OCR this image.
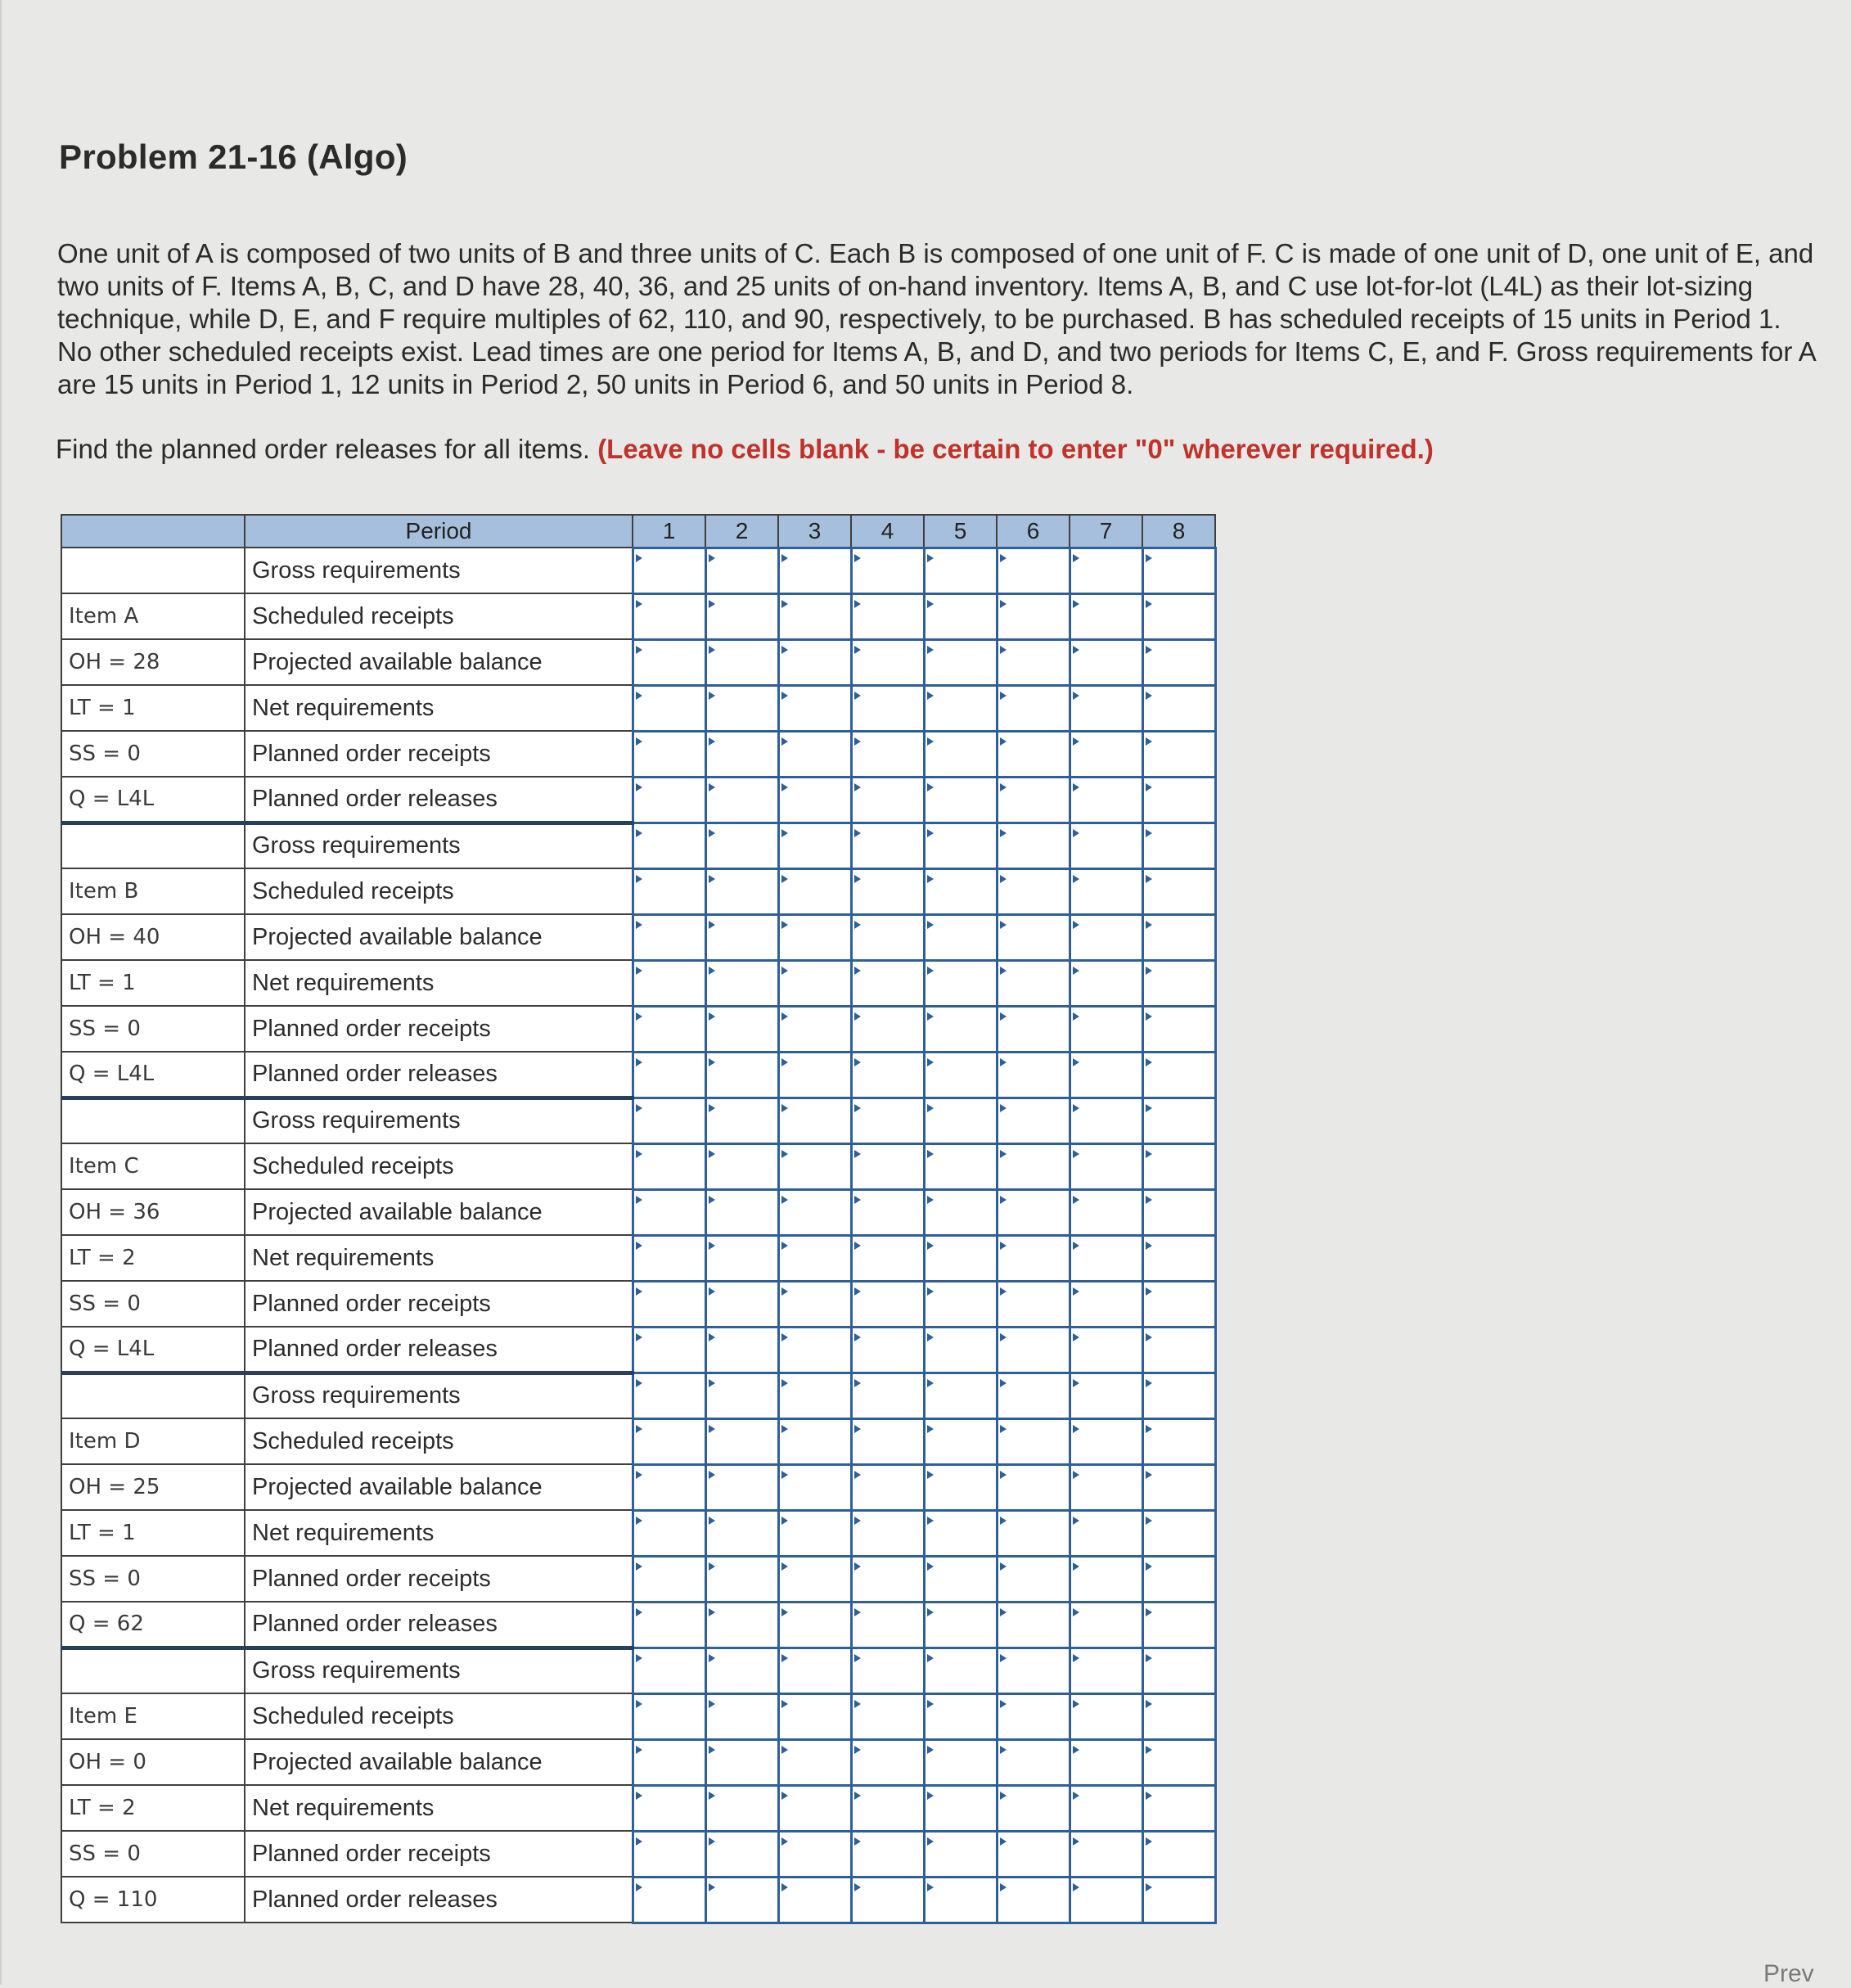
Problem 21-16 (Algo)

One unit of A is composed of two units of B and three units of C. Each B is composed of one unit of F. C is made of one unit of D, one unit of E, and two units of F. Items A, B, C, and D have 28, 40, 36, and 25 units of on-hand inventory. Items A, B, and C use lot-for-lot (L4L) as their lot-sizing technique, while D, E, and F require multiples of 62, 110, and 90, respectively, to be purchased. B has scheduled receipts of 15 units in Period 1. No other scheduled receipts exist. Lead times are one period for Items A, B, and D, and two periods for Items C, E, and F. Gross requirements for A are 15 units in Period 1, 12 units in Period 2, 50 units in Period 6, and 50 units in Period 8.

Find the planned order releases for all items. (Leave no cells blank - be certain to enter "0" wherever required.)

	Period	1	2	3	4	5	6	7	8
	Gross requirements								
Item A	Scheduled receipts								
OH = 28	Projected available balance								
LT = 1	Net requirements								
SS = 0	Planned order receipts								
Q = L4L	Planned order releases								
	Gross requirements								
Item B	Scheduled receipts								
OH = 40	Projected available balance								
LT = 1	Net requirements								
SS = 0	Planned order receipts								
Q = L4L	Planned order releases								
	Gross requirements								
Item C	Scheduled receipts								
OH = 36	Projected available balance								
LT = 2	Net requirements								
SS = 0	Planned order receipts								
Q = L4L	Planned order releases								
	Gross requirements								
Item D	Scheduled receipts								
OH = 25	Projected available balance								
LT = 1	Net requirements								
SS = 0	Planned order receipts								
Q = 62	Planned order releases								
	Gross requirements								
Item E	Scheduled receipts								
OH = 0	Projected available balance								
LT = 2	Net requirements								
SS = 0	Planned order receipts								
Q = 110	Planned order releases								
Prev
